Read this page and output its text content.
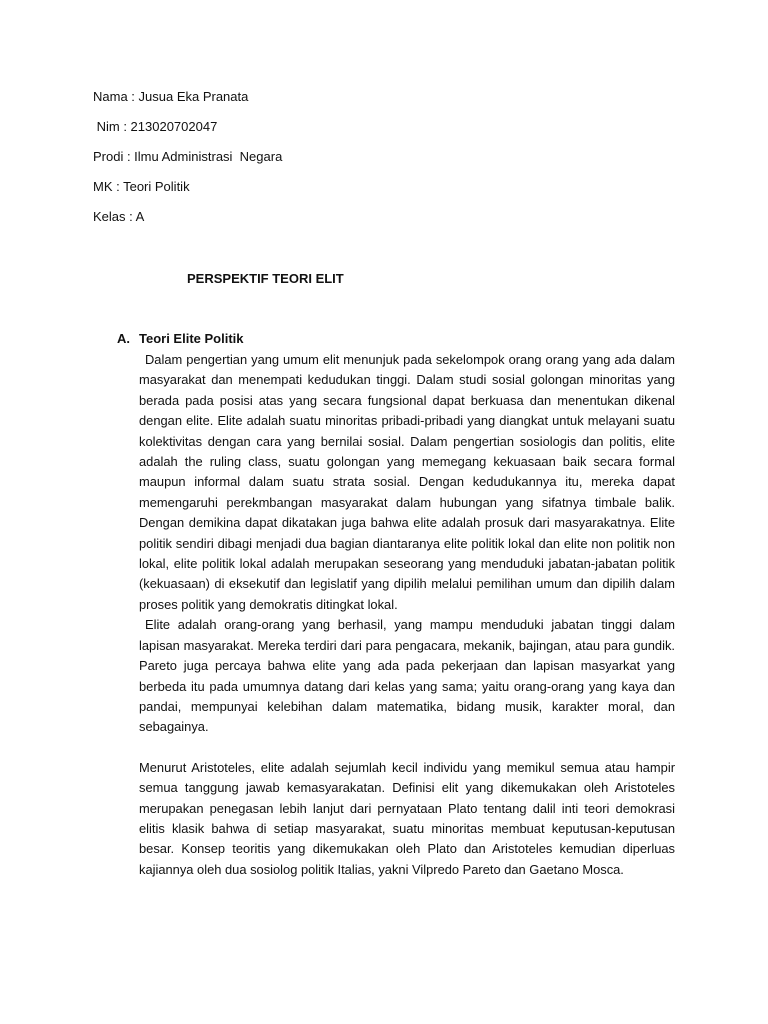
Nama : Jusua Eka Pranata
Nim : 213020702047
Prodi : Ilmu Administrasi  Negara
MK : Teori Politik
Kelas : A
PERSPEKTIF TEORI ELIT
A. Teori Elite Politik

Dalam pengertian yang umum elit menunjuk pada sekelompok orang orang yang ada dalam masyarakat dan menempati kedudukan tinggi. Dalam studi sosial golongan minoritas yang berada pada posisi atas yang secara fungsional dapat berkuasa dan menentukan dikenal dengan elite. Elite adalah suatu minoritas pribadi-pribadi yang diangkat untuk melayani suatu kolektivitas dengan cara yang bernilai sosial. Dalam pengertian sosiologis dan politis, elite adalah the ruling class, suatu golongan yang memegang kekuasaan baik secara formal maupun informal dalam suatu strata sosial. Dengan kedudukannya itu, mereka dapat memengaruhi perekmbangan masyarakat dalam hubungan yang sifatnya timbale balik. Dengan demikina dapat dikatakan juga bahwa elite adalah prosuk dari masyarakatnya. Elite politik sendiri dibagi menjadi dua bagian diantaranya elite politik lokal dan elite non politik non lokal, elite politik lokal adalah merupakan seseorang yang menduduki jabatan-jabatan politik (kekuasaan) di eksekutif dan legislatif yang dipilih melalui pemilihan umum dan dipilih dalam proses politik yang demokratis ditingkat lokal.

Elite adalah orang-orang yang berhasil, yang mampu menduduki jabatan tinggi dalam lapisan masyarakat. Mereka terdiri dari para pengacara, mekanik, bajingan, atau para gundik. Pareto juga percaya bahwa elite yang ada pada pekerjaan dan lapisan masyarkat yang berbeda itu pada umumnya datang dari kelas yang sama; yaitu orang-orang yang kaya dan pandai, mempunyai kelebihan dalam matematika, bidang musik, karakter moral, dan sebagainya.

Menurut Aristoteles, elite adalah sejumlah kecil individu yang memikul semua atau hampir semua tanggung jawab kemasyarakatan. Definisi elit yang dikemukakan oleh Aristoteles merupakan penegasan lebih lanjut dari pernyataan Plato tentang dalil inti teori demokrasi elitis klasik bahwa di setiap masyarakat, suatu minoritas membuat keputusan-keputusan besar. Konsep teoritis yang dikemukakan oleh Plato dan Aristoteles kemudian diperluas kajiannya oleh dua sosiolog politik Italias, yakni Vilpredo Pareto dan Gaetano Mosca.
